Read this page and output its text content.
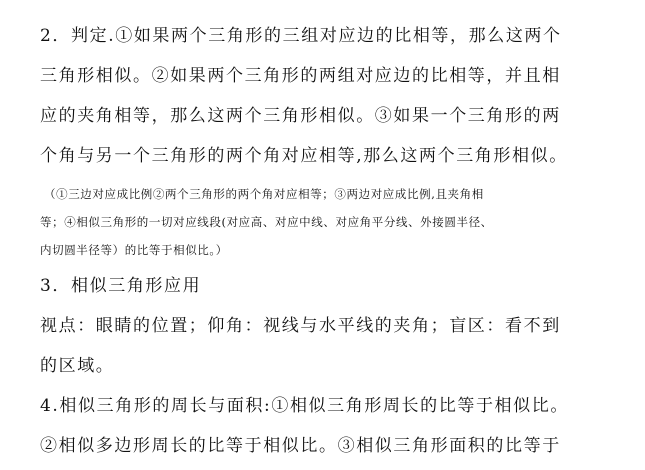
2．判定.①如果两个三角形的三组对应边的比相等，那么这两个
三角形相似。②如果两个三角形的两组对应边的比相等，并且相
应的夹角相等，那么这两个三角形相似。③如果一个三角形的两
个角与另一个三角形的两个角对应相等,那么这两个三角形相似。
（①三边对应成比例②两个三角形的两个角对应相等；③两边对应成比例,且夹角相
等；④相似三角形的一切对应线段(对应高、对应中线、对应角平分线、外接圆半径、
内切圆半径等）的比等于相似比。）
3．相似三角形应用
视点：眼睛的位置；仰角：视线与水平线的夹角；盲区：看不到
的区域。
4.相似三角形的周长与面积:①相似三角形周长的比等于相似比。
②相似多边形周长的比等于相似比。③相似三角形面积的比等于
